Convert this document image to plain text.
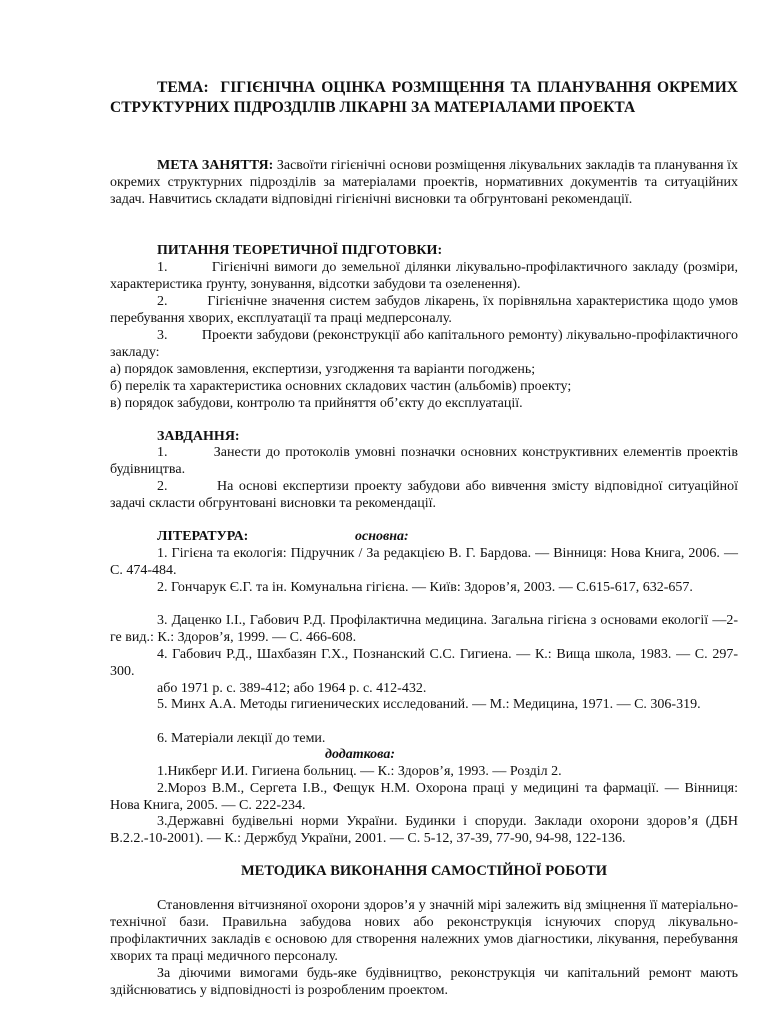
ТЕМА: ГІГІЄНІЧНА ОЦІНКА РОЗМІЩЕННЯ ТА ПЛАНУВАННЯ ОКРЕМИХ СТРУКТУРНИХ ПІДРОЗДІЛІВ ЛІКАРНІ ЗА МАТЕРІАЛАМИ ПРОЕКТА

МЕТА ЗАНЯТТЯ: Засвоїти гігієнічні основи розміщення лікувальних закладів та планування їх окремих структурних підрозділів за матеріалами проектів, нормативних документів та ситуаційних задач. Навчитись складати відповідні гігієнічні висновки та обгрунтовані рекомендації.

ПИТАННЯ ТЕОРЕТИЧНОЇ ПІДГОТОВКИ:

1.	Гігієнічні вимоги до земельної ділянки лікувально-профілактичного закладу (розміри, характеристика ґрунту, зонування, відсотки забудови та озеленення).

2.	Гігієнічне значення систем забудов лікарень, їх порівняльна характеристика щодо умов перебування хворих, експлуатації та праці медперсоналу.

3. Проекти забудови (реконструкції або капітального ремонту) лікувально-профілактичного закладу:

а) порядок замовлення, експертизи, узгодження та варіанти погоджень;

б) перелік та характеристика основних складових частин (альбомів) проекту;

в) порядок забудови, контролю та прийняття об’єкту до експлуатації.

ЗАВДАННЯ:

1.	Занести до протоколів умовні позначки основних конструктивних елементів проектів будівництва.

2.	На основі експертизи проекту забудови або вивчення змісту відповідної ситуаційної задачі скласти обгрунтовані висновки та рекомендації.

ЛІТЕРАТУРА:	основна:

1. Гігієна та екологія: Підручник / За редакцією В. Г. Бардова. — Вінниця: Нова Книга, 2006. — С. 474-484.

2. Гончарук Є.Г. та ін. Комунальна гігієна. — Київ: Здоров’я, 2003. — С.615-617, 632-657.

3. Даценко І.І., Габович Р.Д. Профілактична медицина. Загальна гігієна з основами екології —2-ге вид.: К.: Здоров’я, 1999. — С. 466-608.

4. Габович Р.Д., Шахбазян Г.Х., Познанский С.С. Гигиена. — К.: Вища школа, 1983. — С. 297-300.

або 1971 р. с. 389-412; або 1964 р. с. 412-432.

5. Минх А.А. Методы гигиенических исследований. — М.: Медицина, 1971. — С. 306-319.

6. Матеріали лекції до теми.

додаткова:

1.Никберг И.И. Гигиена больниц. — К.: Здоров’я, 1993. — Розділ 2.

2.Мороз В.М., Сергета І.В., Фещук Н.М. Охорона праці у медицині та фармації. — Вінниця: Нова Книга, 2005. — С. 222-234.

3.Державні будівельні норми України. Будинки і споруди. Заклади охорони здоров’я (ДБН В.2.2.-10-2001). — К.: Держбуд України, 2001. — С. 5-12, 37-39, 77-90, 94-98, 122-136.

МЕТОДИКА ВИКОНАННЯ САМОСТІЙНОЇ РОБОТИ

Становлення вітчизняної охорони здоров’я у значній мірі залежить від зміцнення її матеріально-технічної бази. Правильна забудова нових або реконструкція існуючих споруд лікувально-профілактичних закладів є основою для створення належних умов діагностики, лікування, перебування хворих та праці медичного персоналу.

За діючими вимогами будь-яке будівництво, реконструкція чи капітальний ремонт мають здійснюватись у відповідності із розробленим проектом.
